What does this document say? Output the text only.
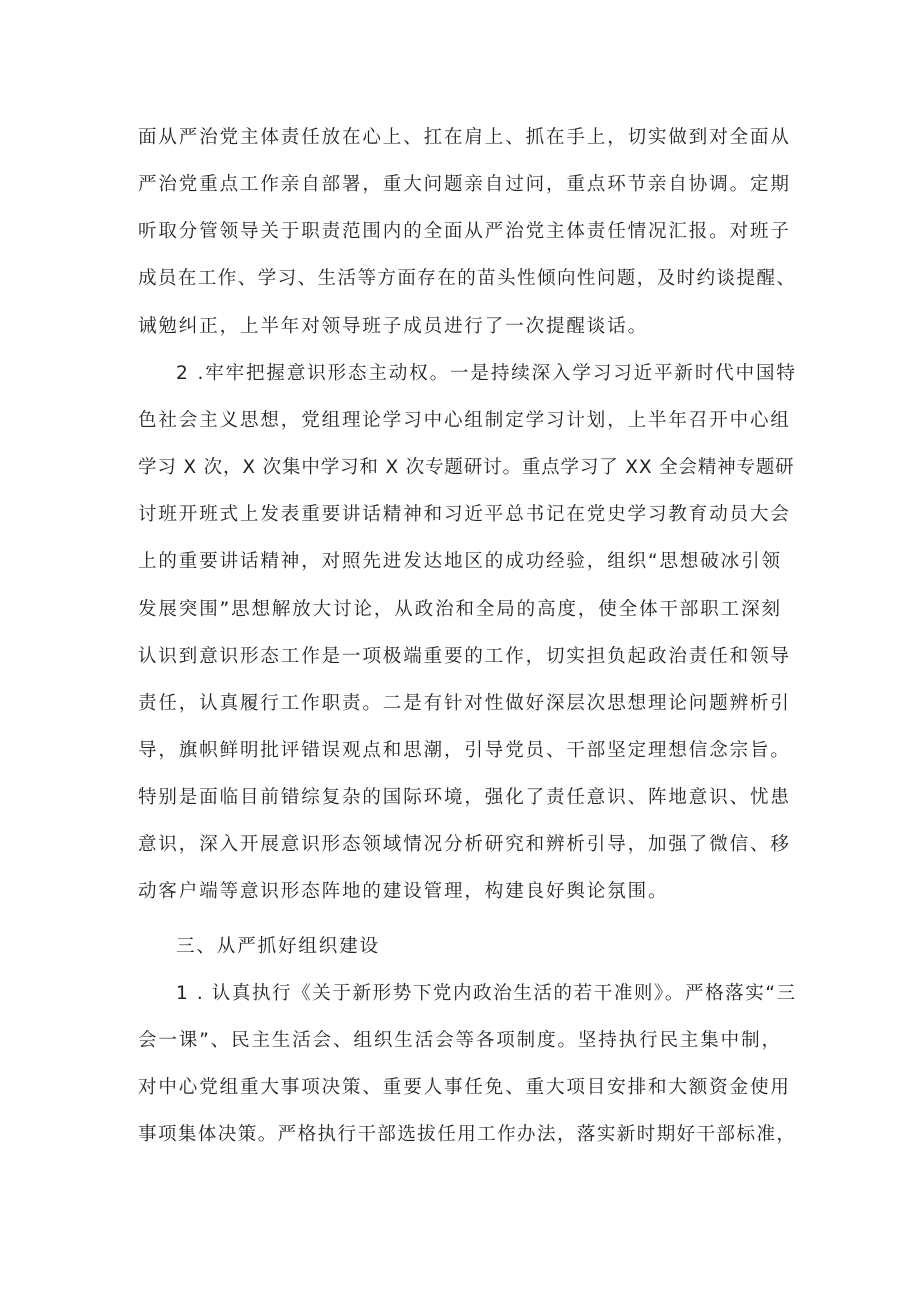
面从严治党主体责任放在心上、扛在肩上、抓在手上，切实做到对全面从
严治党重点工作亲自部署，重大问题亲自过问，重点环节亲自协调。定期
听取分管领导关于职责范围内的全面从严治党主体责任情况汇报。对班子
成员在工作、学习、生活等方面存在的苗头性倾向性问题，及时约谈提醒、
诫勉纠正，上半年对领导班子成员进行了一次提醒谈话。
2 .牢牢把握意识形态主动权。一是持续深入学习习近平新时代中国特
色社会主义思想，党组理论学习中心组制定学习计划，上半年召开中心组
学习 X 次，X 次集中学习和 X 次专题研讨。重点学习了 XX 全会精神专题研
讨班开班式上发表重要讲话精神和习近平总书记在党史学习教育动员大会
上的重要讲话精神，对照先进发达地区的成功经验，组织“思想破冰引领
发展突围”思想解放大讨论，从政治和全局的高度，使全体干部职工深刻
认识到意识形态工作是一项极端重要的工作，切实担负起政治责任和领导
责任，认真履行工作职责。二是有针对性做好深层次思想理论问题辨析引
导，旗帜鲜明批评错误观点和思潮，引导党员、干部坚定理想信念宗旨。
特别是面临目前错综复杂的国际环境，强化了责任意识、阵地意识、忧患
意识，深入开展意识形态领域情况分析研究和辨析引导，加强了微信、移
动客户端等意识形态阵地的建设管理，构建良好舆论氛围。
三、从严抓好组织建设
1 . 认真执行《关于新形势下党内政治生活的若干准则》。严格落实“三
会一课”、民主生活会、组织生活会等各项制度。坚持执行民主集中制，
对中心党组重大事项决策、重要人事任免、重大项目安排和大额资金使用
事项集体决策。严格执行干部选拔任用工作办法，落实新时期好干部标准，
